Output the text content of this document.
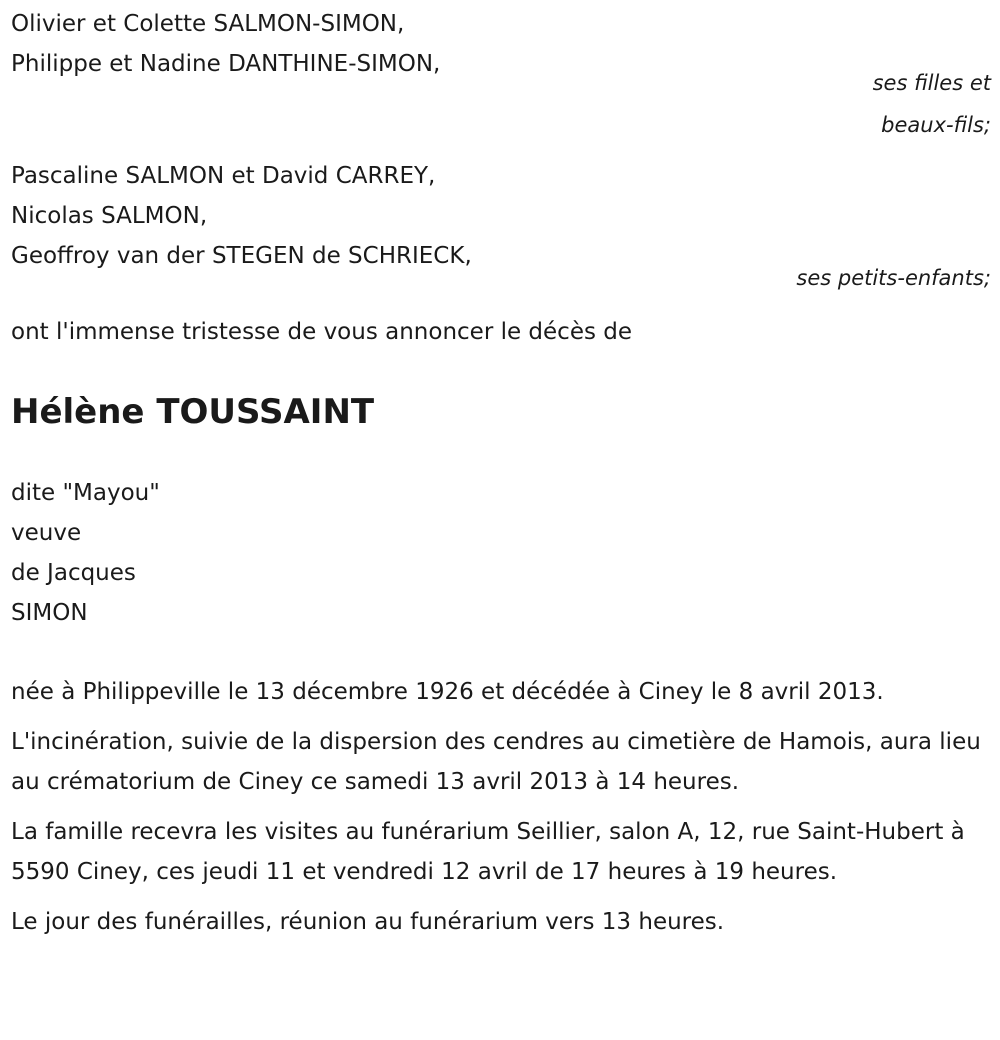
Olivier et Colette SALMON-SIMON,
Philippe et Nadine DANTHINE-SIMON,
ses filles et
beaux-fils;
Pascaline SALMON et David CARREY,
Nicolas SALMON,
Geoffroy van der STEGEN de SCHRIECK,
ses petits-enfants;
ont l'immense tristesse de vous annoncer le décès de
Hélène TOUSSAINT
dite "Mayou"
veuve
de Jacques
SIMON

née à Philippeville le 13 décembre 1926 et décédée à Ciney le 8 avril 2013.

L'incinération, suivie de la dispersion des cendres au cimetière de Hamois, aura lieu au crématorium de Ciney ce samedi 13 avril 2013 à 14 heures.

La famille recevra les visites au funérarium Seillier, salon A, 12, rue Saint-Hubert à 5590 Ciney, ces jeudi 11 et vendredi 12 avril de 17 heures à 19 heures.

Le jour des funérailles, réunion au funérarium vers 13 heures.
